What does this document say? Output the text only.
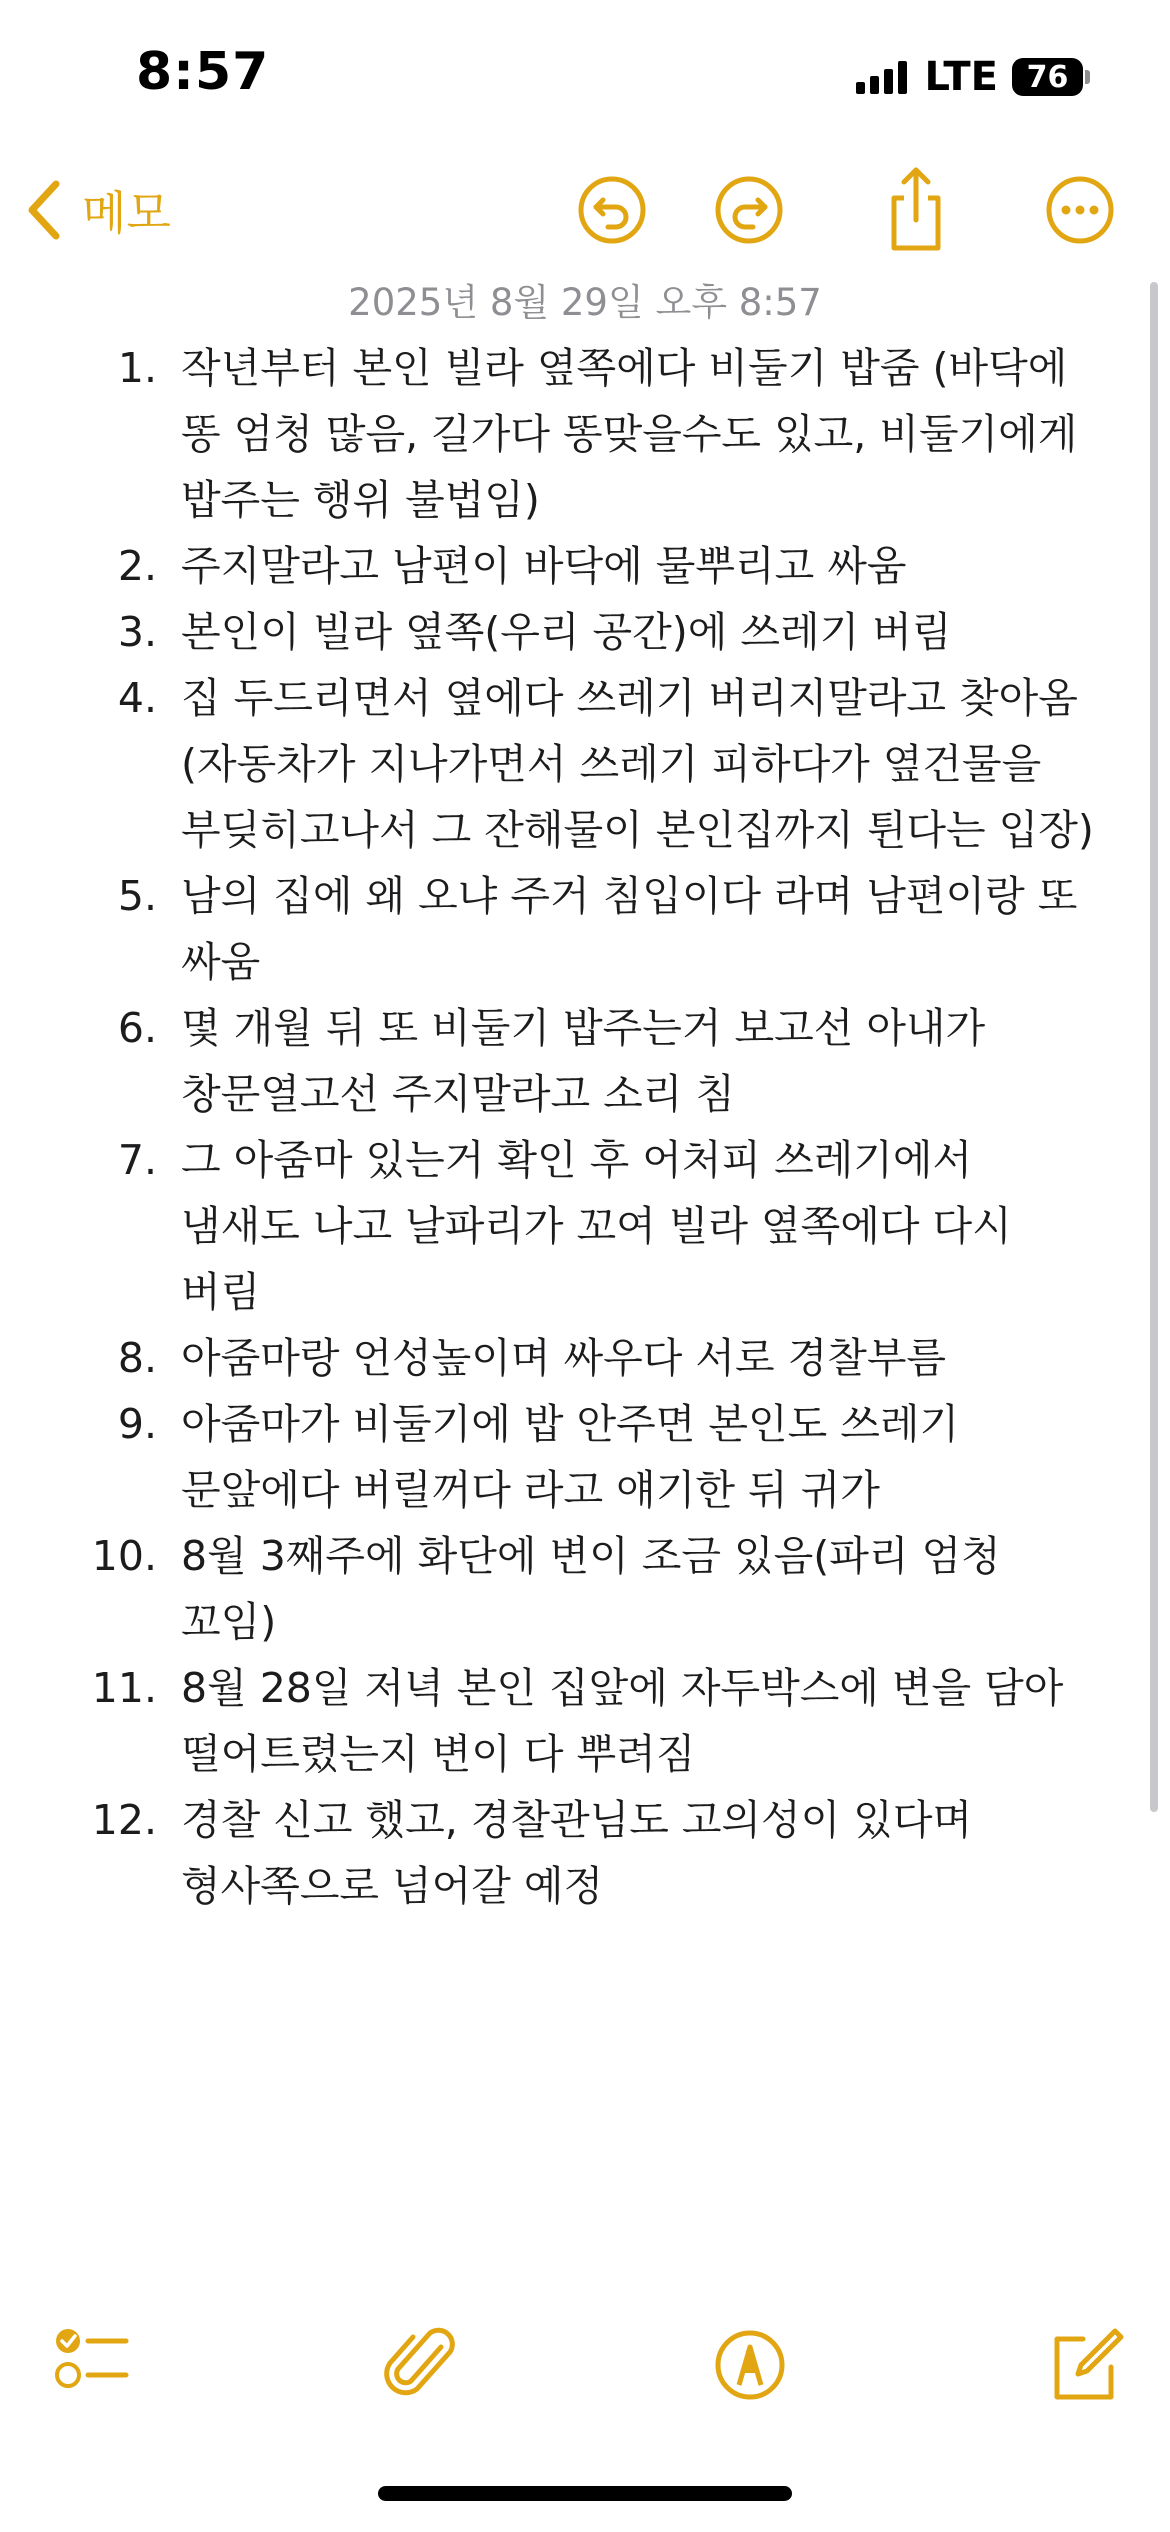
8:57	LTE 76
메모
2025년 8월 29일 오후 8:57
1. 작년부터 본인 빌라 옆쪽에다 비둘기 밥줌 (바닥에 똥 엄청 많음, 길가다 똥맞을수도 있고, 비둘기에게 밥주는 행위 불법임)
2. 주지말라고 남편이 바닥에 물뿌리고 싸움
3. 본인이 빌라 옆쪽(우리 공간)에 쓰레기 버림
4. 집 두드리면서 옆에다 쓰레기 버리지말라고 찾아옴 (자동차가 지나가면서 쓰레기 피하다가 옆건물을 부딪히고나서 그 잔해물이 본인집까지 튄다는 입장)
5. 남의 집에 왜 오냐 주거 침입이다 라며 남편이랑 또 싸움
6. 몇 개월 뒤 또 비둘기 밥주는거 보고선 아내가 창문열고선 주지말라고 소리 침
7. 그 아줌마 있는거 확인 후 어처피 쓰레기에서 냄새도 나고 날파리가 꼬여 빌라 옆쪽에다 다시 버림
8. 아줌마랑 언성높이며 싸우다 서로 경찰부름
9. 아줌마가 비둘기에 밥 안주면 본인도 쓰레기 문앞에다 버릴꺼다 라고 얘기한 뒤 귀가
10. 8월 3째주에 화단에 변이 조금 있음(파리 엄청 꼬임)
11. 8월 28일 저녁 본인 집앞에 자두박스에 변을 담아 떨어트렸는지 변이 다 뿌려짐
12. 경찰 신고 했고, 경찰관님도 고의성이 있다며 형사쪽으로 넘어갈 예정
